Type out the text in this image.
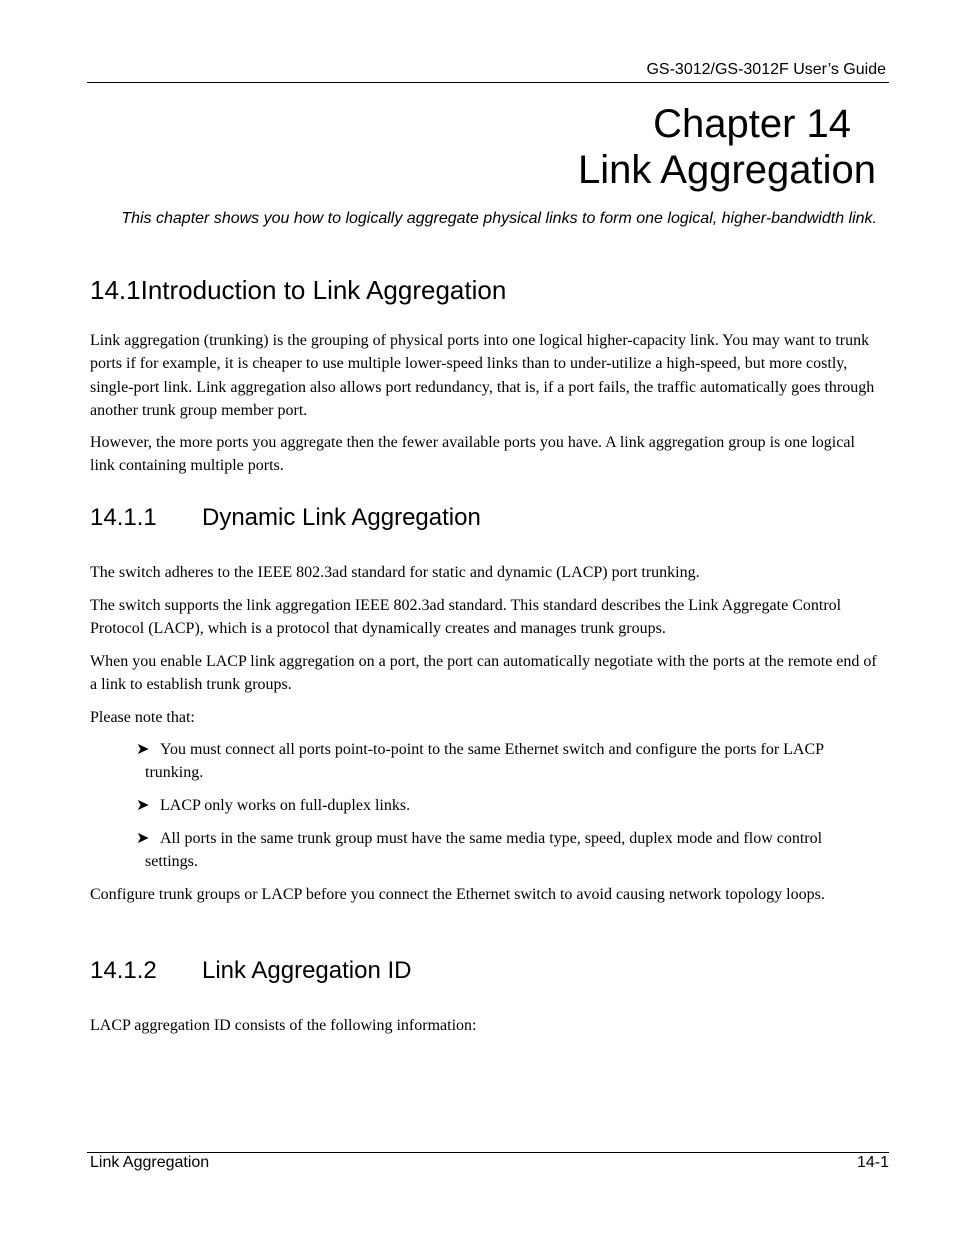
GS-3012/GS-3012F User’s Guide
Chapter 14
Link Aggregation
This chapter shows you how to logically aggregate physical links to form one logical, higher-bandwidth link.
14.1Introduction to Link Aggregation
Link aggregation (trunking) is the grouping of physical ports into one logical higher-capacity link. You may want to trunk ports if for example, it is cheaper to use multiple lower-speed links than to under-utilize a high-speed, but more costly, single-port link. Link aggregation also allows port redundancy, that is, if a port fails, the traffic automatically goes through another trunk group member port.
However, the more ports you aggregate then the fewer available ports you have. A link aggregation group is one logical link containing multiple ports.
14.1.1 Dynamic Link Aggregation
The switch adheres to the IEEE 802.3ad standard for static and dynamic (LACP) port trunking.
The switch supports the link aggregation IEEE 802.3ad standard. This standard describes the Link Aggregate Control Protocol (LACP), which is a protocol that dynamically creates and manages trunk groups.
When you enable LACP link aggregation on a port, the port can automatically negotiate with the ports at the remote end of a link to establish trunk groups.
Please note that:
➤ You must connect all ports point-to-point to the same Ethernet switch and configure the ports for LACP
trunking.
➤ LACP only works on full-duplex links.
➤ All ports in the same trunk group must have the same media type, speed, duplex mode and flow control
settings.
Configure trunk groups or LACP before you connect the Ethernet switch to avoid causing network topology loops.
14.1.2 Link Aggregation ID
LACP aggregation ID consists of the following information:
Link Aggregation	14-1
